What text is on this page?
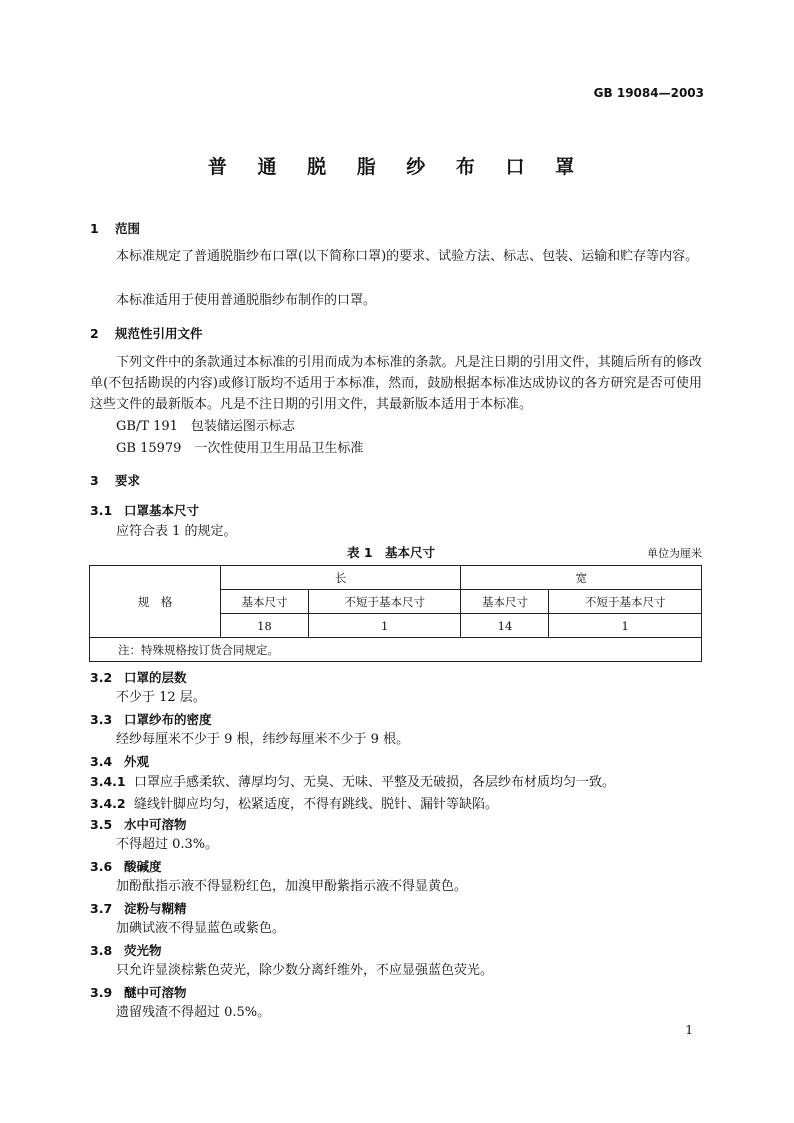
GB 19084—2003
普 通 脱 脂 纱 布 口 罩
1 范围
本标准规定了普通脱脂纱布口罩(以下简称口罩)的要求、试验方法、标志、包装、运输和贮存等内容。
本标准适用于使用普通脱脂纱布制作的口罩。
2 规范性引用文件
下列文件中的条款通过本标准的引用而成为本标准的条款。凡是注日期的引用文件，其随后所有的修改单(不包括勘误的内容)或修订版均不适用于本标准，然而，鼓励根据本标准达成协议的各方研究是否可使用这些文件的最新版本。凡是不注日期的引用文件，其最新版本适用于本标准。
GB/T 191　包装储运图示标志
GB 15979　一次性使用卫生用品卫生标准
3 要求
3.1 口罩基本尺寸
应符合表 1 的规定。
表 1　基本尺寸	单位为厘米
规　格	长		宽	
	基本尺寸	不短于基本尺寸	基本尺寸	不短于基本尺寸
	18	1	14	1
注：特殊规格按订货合同规定。				
3.2 口罩的层数
不少于 12 层。
3.3 口罩纱布的密度
经纱每厘米不少于 9 根，纬纱每厘米不少于 9 根。
3.4 外观
3.4.1 口罩应手感柔软、薄厚均匀、无臭、无味、平整及无破损，各层纱布材质均匀一致。
3.4.2 缝线针脚应均匀，松紧适度，不得有跳线、脱针、漏针等缺陷。
3.5 水中可溶物
不得超过 0.3%。
3.6 酸碱度
加酚酞指示液不得显粉红色，加溴甲酚紫指示液不得显黄色。
3.7 淀粉与糊精
加碘试液不得显蓝色或紫色。
3.8 荧光物
只允许显淡棕紫色荧光，除少数分离纤维外，不应显强蓝色荧光。
3.9 醚中可溶物
遗留残渣不得超过 0.5%。
1
